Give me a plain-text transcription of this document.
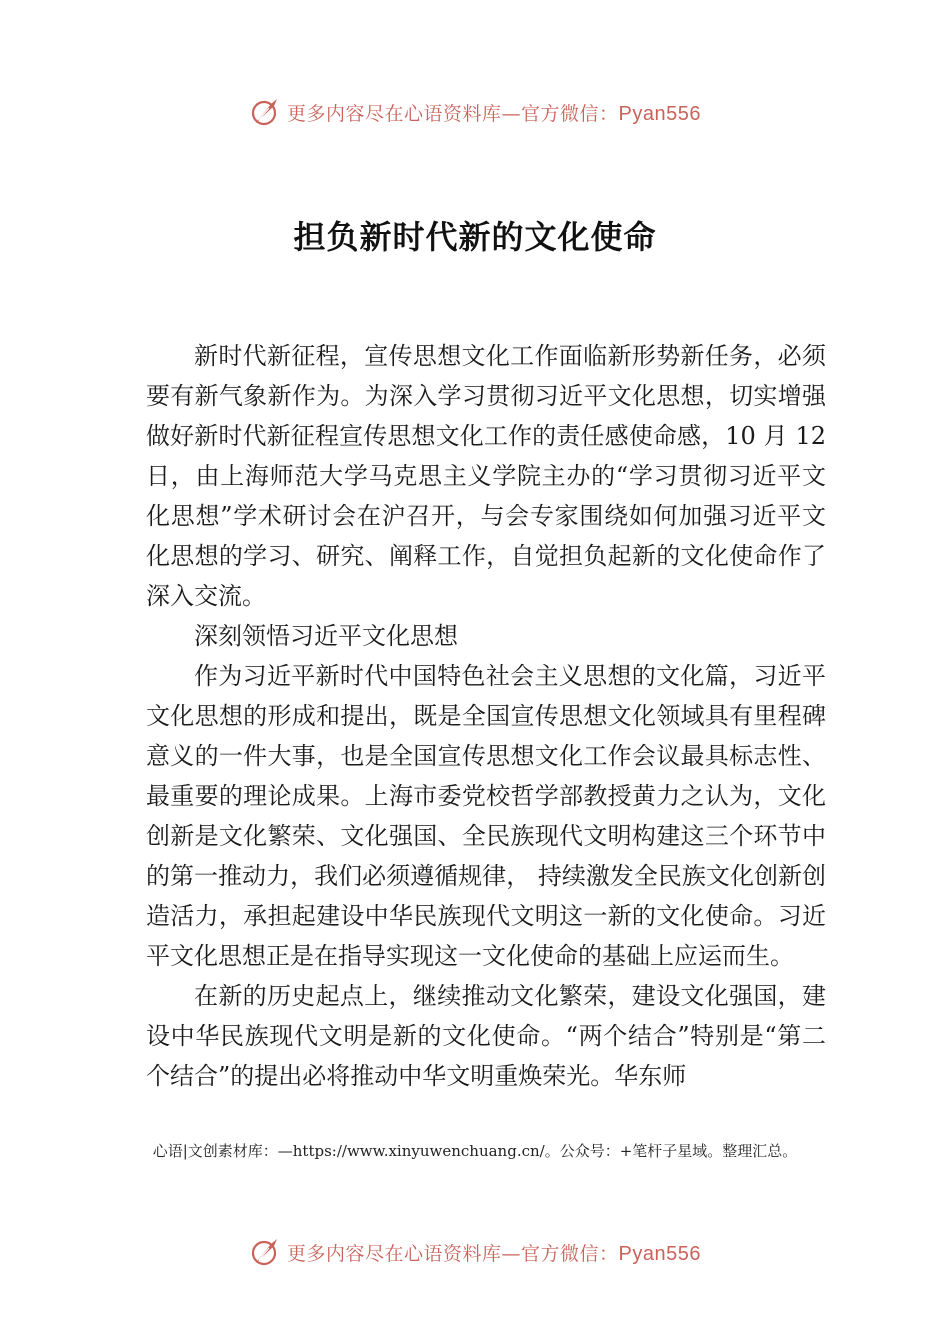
更多内容尽在心语资料库—官方微信：Pyan556
担负新时代新的文化使命

新时代新征程，宣传思想文化工作面临新形势新任务，必须要有新气象新作为。为深入学习贯彻习近平文化思想，切实增强做好新时代新征程宣传思想文化工作的责任感使命感，10 月 12 日，由上海师范大学马克思主义学院主办的“学习贯彻习近平文化思想”学术研讨会在沪召开，与会专家围绕如何加强习近平文化思想的学习、研究、阐释工作，自觉担负起新的文化使命作了深入交流。

深刻领悟习近平文化思想

作为习近平新时代中国特色社会主义思想的文化篇，习近平文化思想的形成和提出，既是全国宣传思想文化领域具有里程碑意义的一件大事，也是全国宣传思想文化工作会议最具标志性、最重要的理论成果。上海市委党校哲学部教授黄力之认为，文化创新是文化繁荣、文化强国、全民族现代文明构建这三个环节中的第一推动力，我们必须遵循规律， 持续激发全民族文化创新创造活力，承担起建设中华民族现代文明这一新的文化使命。习近平文化思想正是在指导实现这一文化使命的基础上应运而生。

在新的历史起点上，继续推动文化繁荣，建设文化强国，建设中华民族现代文明是新的文化使命。“两个结合”特别是“第二个结合”的提出必将推动中华文明重焕荣光。华东师

心语|文创素材库：—https://www.xinyuwenchuang.cn/。公众号：+笔杆子星域。整理汇总。
更多内容尽在心语资料库—官方微信：Pyan556
